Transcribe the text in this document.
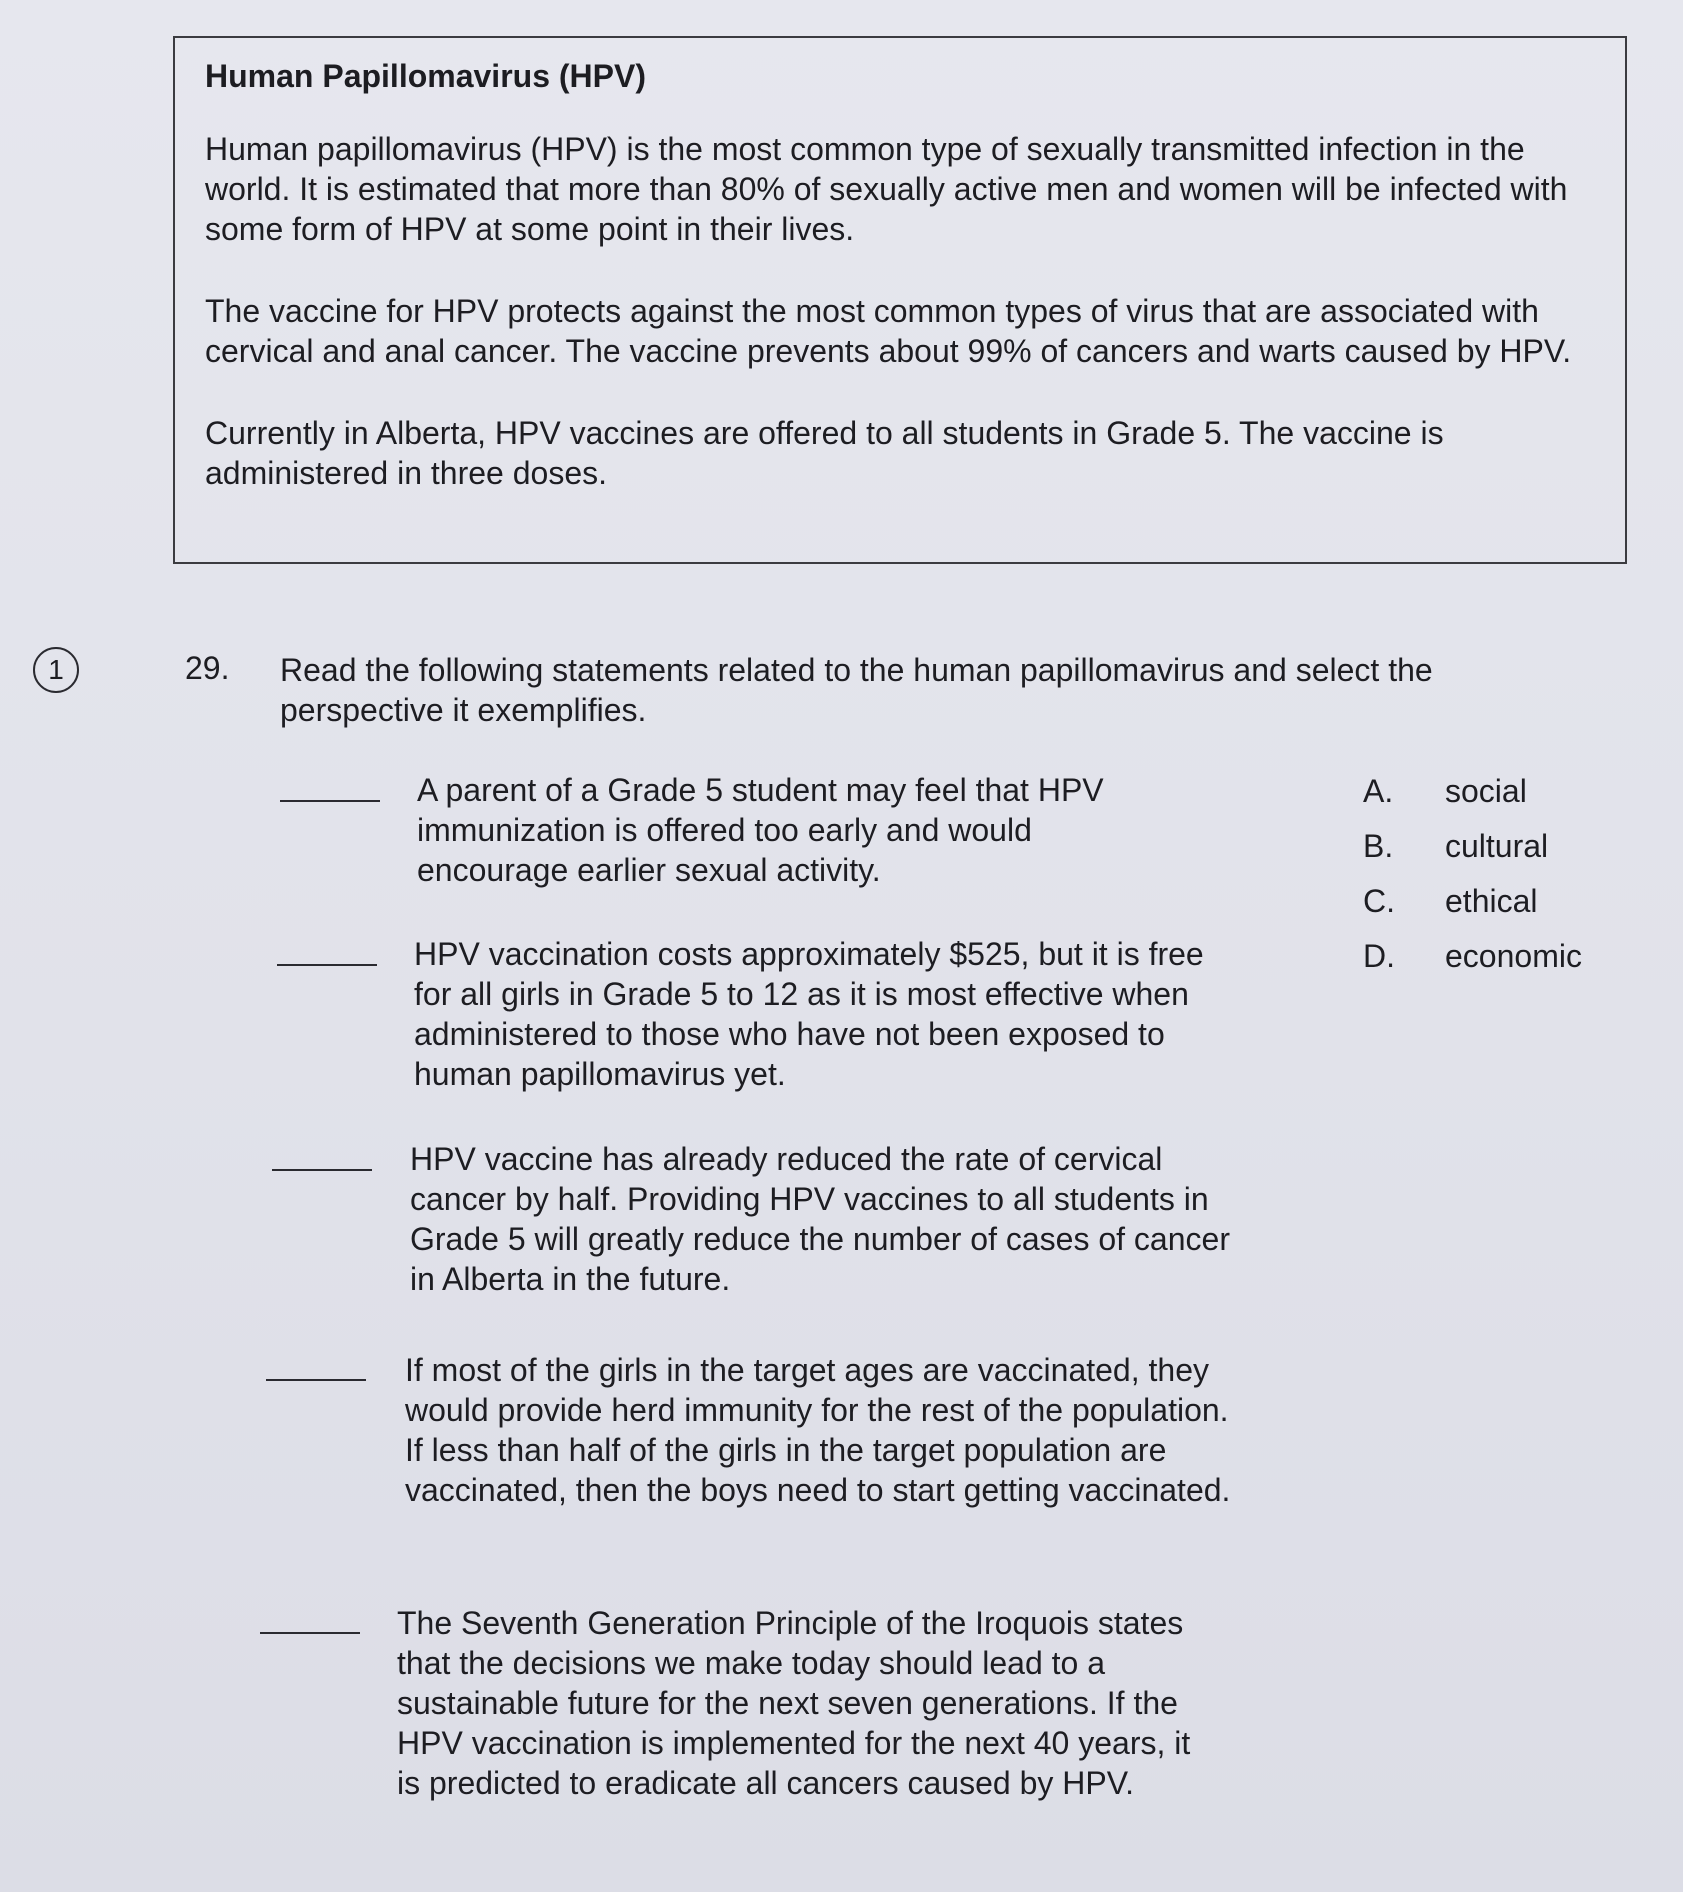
Human Papillomavirus (HPV)

Human papillomavirus (HPV) is the most common type of sexually transmitted infection in the world. It is estimated that more than 80% of sexually active men and women will be infected with some form of HPV at some point in their lives.

The vaccine for HPV protects against the most common types of virus that are associated with cervical and anal cancer. The vaccine prevents about 99% of cancers and warts caused by HPV.

Currently in Alberta, HPV vaccines are offered to all students in Grade 5. The vaccine is administered in three doses.

1	29. Read the following statements related to the human papillomavirus and select the perspective it exemplifies.
A parent of a Grade 5 student may feel that HPV immunization is offered too early and would encourage earlier sexual activity.
HPV vaccination costs approximately $525, but it is free for all girls in Grade 5 to 12 as it is most effective when administered to those who have not been exposed to human papillomavirus yet.
HPV vaccine has already reduced the rate of cervical cancer by half. Providing HPV vaccines to all students in Grade 5 will greatly reduce the number of cases of cancer in Alberta in the future.
If most of the girls in the target ages are vaccinated, they would provide herd immunity for the rest of the population. If less than half of the girls in the target population are vaccinated, then the boys need to start getting vaccinated.
The Seventh Generation Principle of the Iroquois states that the decisions we make today should lead to a sustainable future for the next seven generations. If the HPV vaccination is implemented for the next 40 years, it is predicted to eradicate all cancers caused by HPV.
A. social
B. cultural
C. ethical
D. economic
